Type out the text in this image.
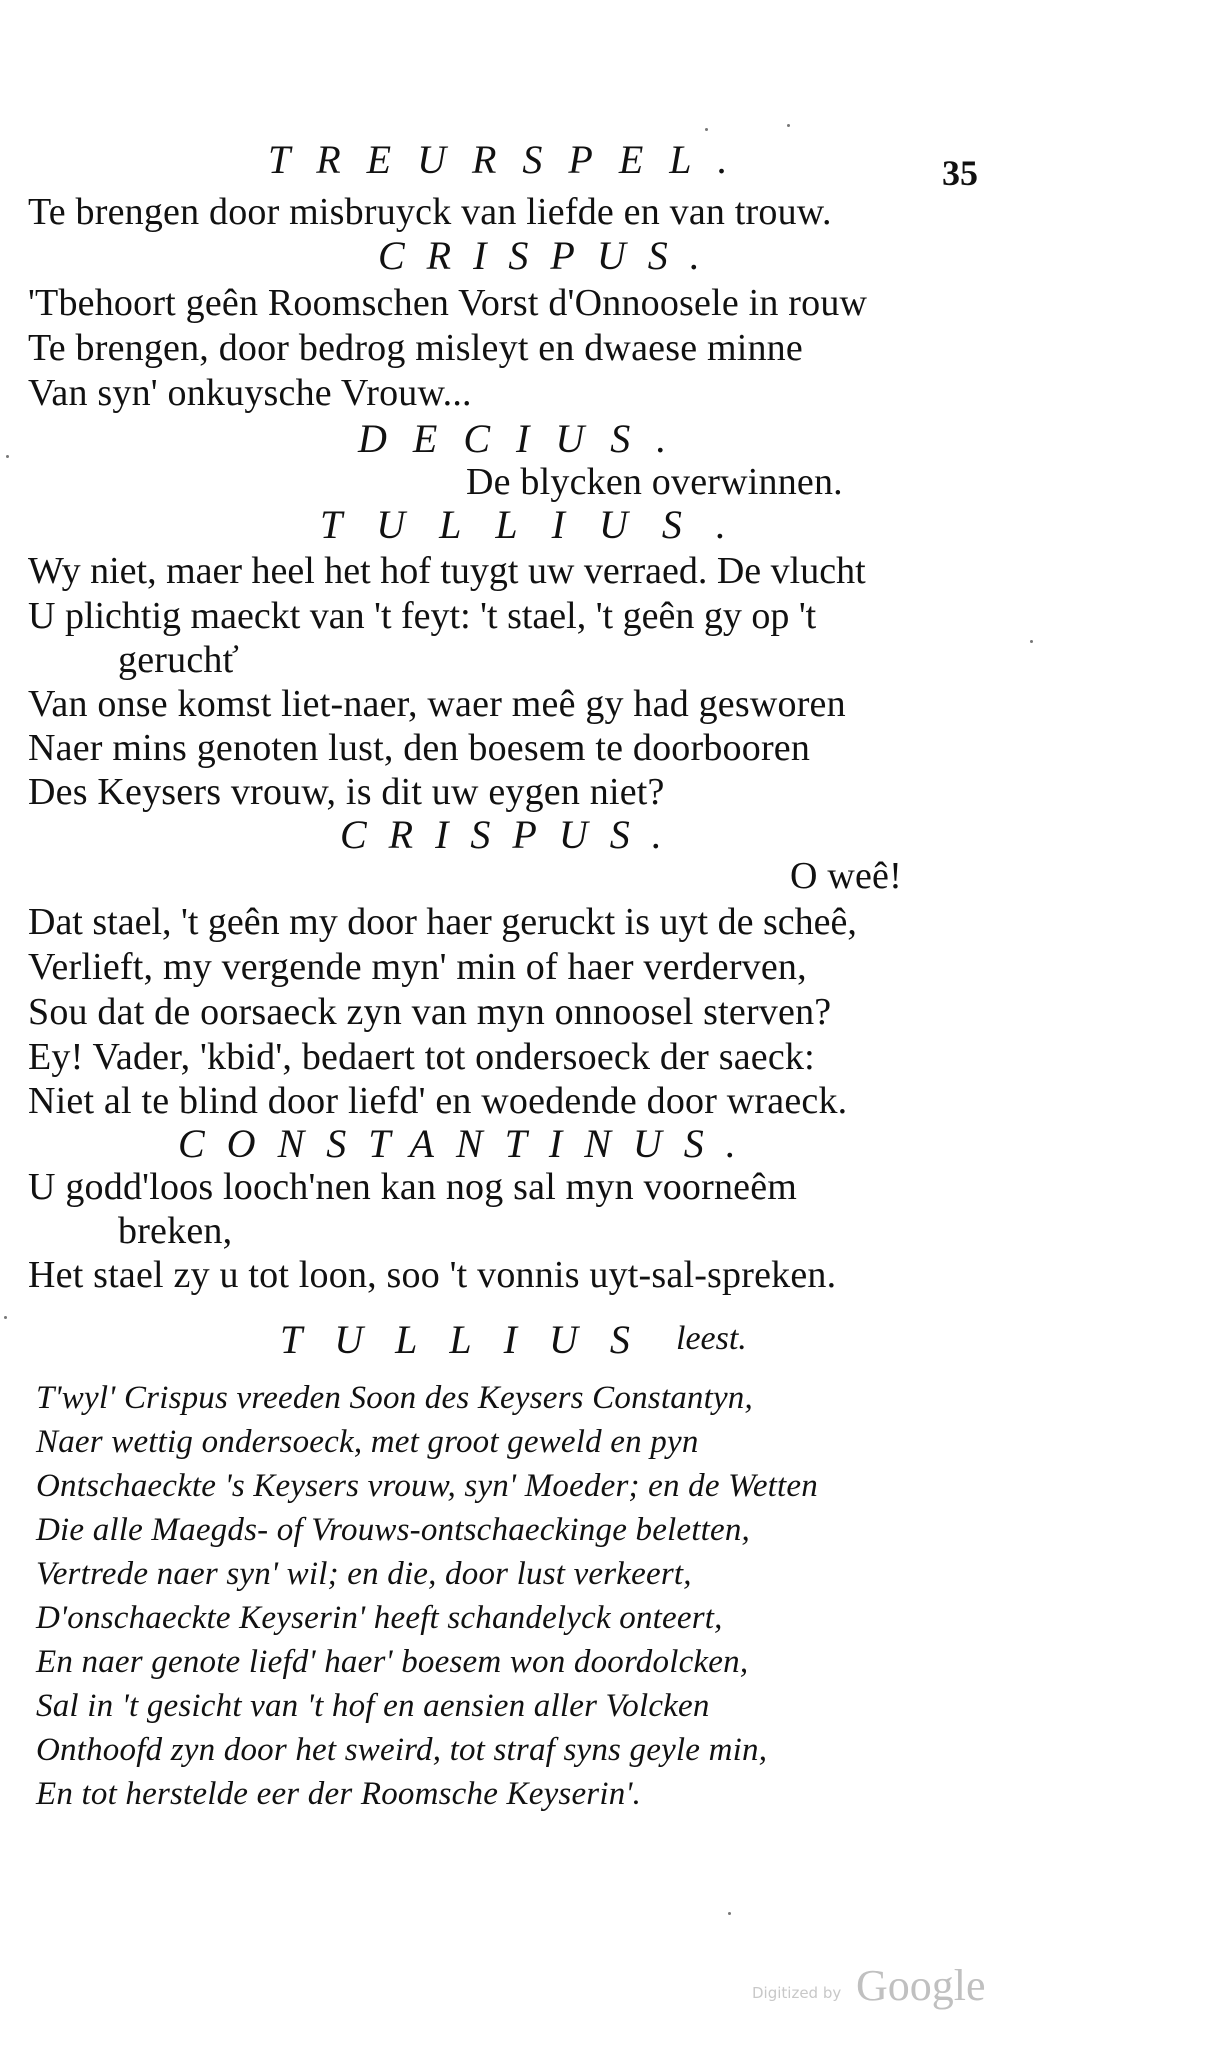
TREURSPEL.	35
Te brengen door misbruyck van liefde en van trouw.
CRISPUS.
'Tbehoort geên Roomschen Vorst d'Onnoosele in rouw
Te brengen, door bedrog misleyt en dwaese minne
Van syn' onkuysche Vrouw...
DECIUS.
De blycken overwinnen.
TULLIUS.
Wy niet, maer heel het hof tuygt uw verraed. De vlucht
U plichtig maeckt van 't feyt: 't stael, 't geên gy op 't
geruchť
Van onse komst liet-naer, waer meê gy had gesworen
Naer mins genoten lust, den boesem te doorbooren
Des Keysers vrouw, is dit uw eygen niet?
CRISPUS.
O weê!
Dat stael, 't geên my door haer geruckt is uyt de scheê,
Verlieft, my vergende myn' min of haer verderven,
Sou dat de oorsaeck zyn van myn onnoosel sterven?
Ey! Vader, 'kbid', bedaert tot ondersoeck der saeck:
Niet al te blind door liefd' en woedende door wraeck.
CONSTANTINUS.
U godd'loos looch'nen kan nog sal myn voorneêm
breken,
Het stael zy u tot loon, soo 't vonnis uyt-sal-spreken.
TULLIUS leest.
T'wyl' Crispus vreeden Soon des Keysers Constantyn,
Naer wettig ondersoeck, met groot geweld en pyn
Ontschaeckte 's Keysers vrouw, syn' Moeder; en de Wetten
Die alle Maegds- of Vrouws-ontschaeckinge beletten,
Vertrede naer syn' wil; en die, door lust verkeert,
D'onschaeckte Keyserin' heeft schandelyck onteert,
En naer genote liefd' haer' boesem won doordolcken,
Sal in 't gesicht van 't hof en aensien aller Volcken
Onthoofd zyn door het sweird, tot straf syns geyle min,
En tot herstelde eer der Roomsche Keyserin'.
Digitized by Google
